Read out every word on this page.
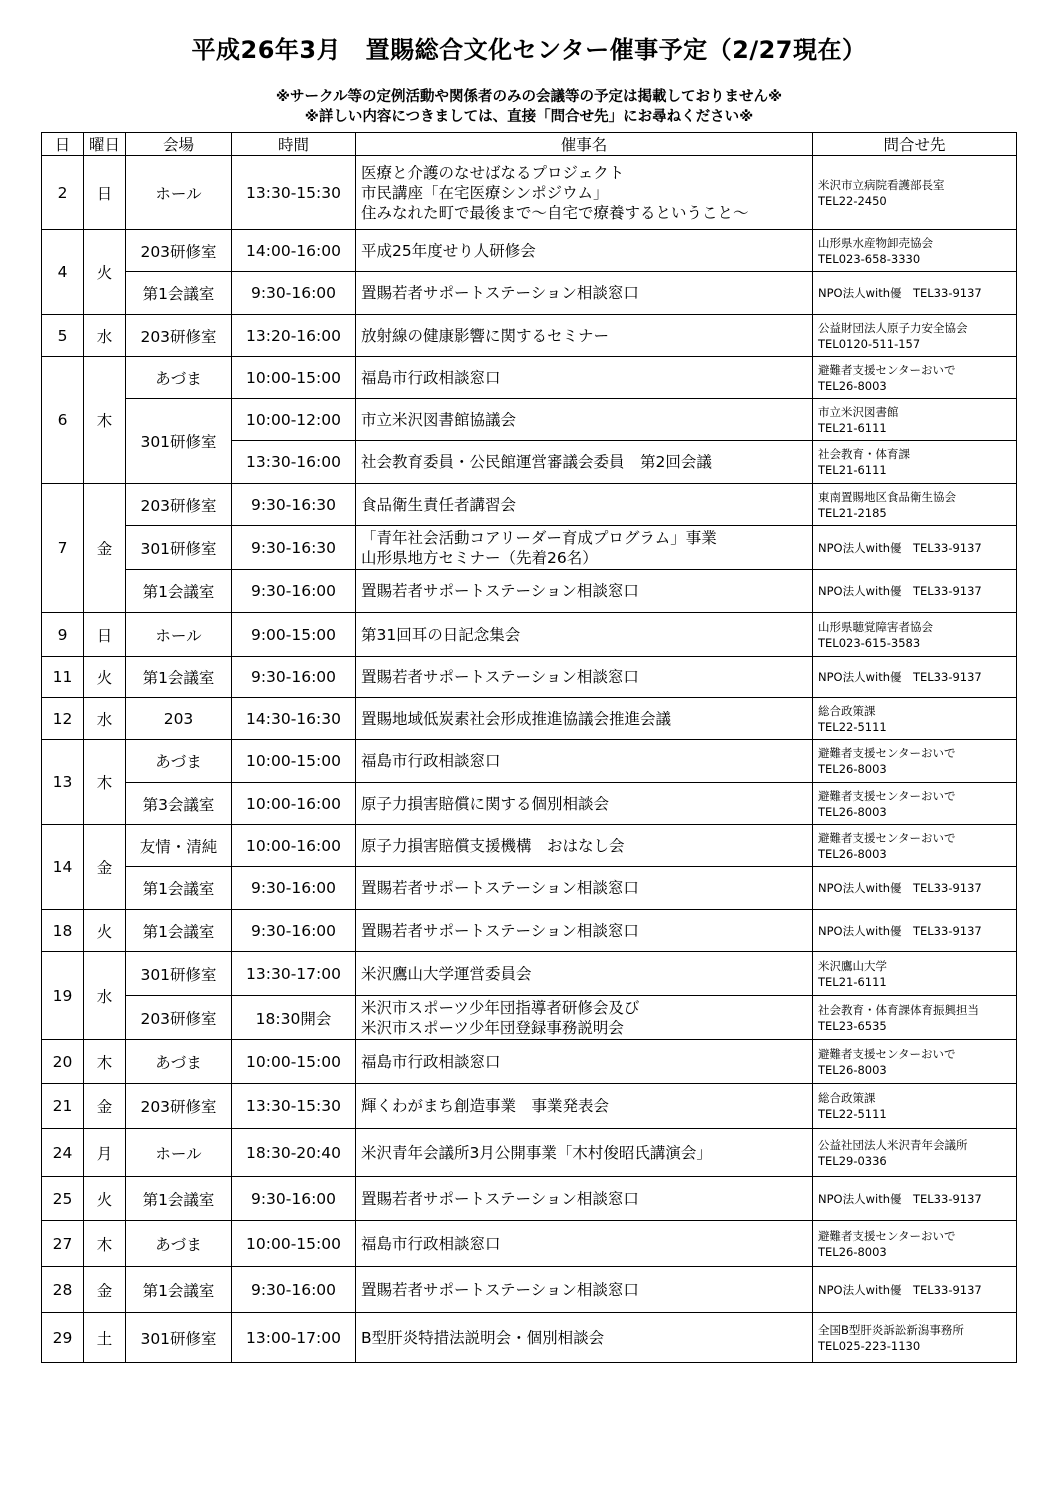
平成26年3月　置賜総合文化センター催事予定（2/27現在）
※サークル等の定例活動や関係者のみの会議等の予定は掲載しておりません※
※詳しい内容につきましては、直接「問合せ先」にお尋ねください※
日	曜日	会場	時間	催事名	問合せ先
2	日	ホール	13:30-15:30	医療と介護のなせばなるプロジェクト
市民講座「在宅医療シンポジウム」
住みなれた町で最後まで～自宅で療養するということ～	米沢市立病院看護部長室
TEL22-2450

4	火	203研修室	14:00-16:00	平成25年度せり人研修会	山形県水産物卸売協会
TEL023-658-3330

		第1会議室	9:30-16:00	置賜若者サポートステーション相談窓口	NPO法人with優　TEL33-9137

5	水	203研修室	13:20-16:00	放射線の健康影響に関するセミナー	公益財団法人原子力安全協会
TEL0120-511-157

6	木	あづま	10:00-15:00	福島市行政相談窓口	避難者支援センターおいで
TEL26-8003

		301研修室	10:00-12:00	市立米沢図書館協議会	市立米沢図書館
TEL21-6111

			13:30-16:00	社会教育委員・公民館運営審議会委員　第2回会議	社会教育・体育課
TEL21-6111

7	金	203研修室	9:30-16:30	食品衛生責任者講習会	東南置賜地区食品衛生協会
TEL21-2185

		301研修室	9:30-16:30	「青年社会活動コアリーダー育成プログラム」事業
山形県地方セミナー（先着26名）	NPO法人with優　TEL33-9137

		第1会議室	9:30-16:00	置賜若者サポートステーション相談窓口	NPO法人with優　TEL33-9137

9	日	ホール	9:00-15:00	第31回耳の日記念集会	山形県聴覚障害者協会
TEL023-615-3583

11	火	第1会議室	9:30-16:00	置賜若者サポートステーション相談窓口	NPO法人with優　TEL33-9137

12	水	203	14:30-16:30	置賜地域低炭素社会形成推進協議会推進会議	総合政策課
TEL22-5111

13	木	あづま	10:00-15:00	福島市行政相談窓口	避難者支援センターおいで
TEL26-8003

		第3会議室	10:00-16:00	原子力損害賠償に関する個別相談会	避難者支援センターおいで
TEL26-8003

14	金	友情・清純	10:00-16:00	原子力損害賠償支援機構　おはなし会	避難者支援センターおいで
TEL26-8003

		第1会議室	9:30-16:00	置賜若者サポートステーション相談窓口	NPO法人with優　TEL33-9137

18	火	第1会議室	9:30-16:00	置賜若者サポートステーション相談窓口	NPO法人with優　TEL33-9137

19	水	301研修室	13:30-17:00	米沢鷹山大学運営委員会	米沢鷹山大学
TEL21-6111

		203研修室	18:30開会	米沢市スポーツ少年団指導者研修会及び
米沢市スポーツ少年団登録事務説明会	社会教育・体育課体育振興担当
TEL23-6535

20	木	あづま	10:00-15:00	福島市行政相談窓口	避難者支援センターおいで
TEL26-8003

21	金	203研修室	13:30-15:30	輝くわがまち創造事業　事業発表会	総合政策課
TEL22-5111

24	月	ホール	18:30-20:40	米沢青年会議所3月公開事業「木村俊昭氏講演会」	公益社団法人米沢青年会議所
TEL29-0336

25	火	第1会議室	9:30-16:00	置賜若者サポートステーション相談窓口	NPO法人with優　TEL33-9137

27	木	あづま	10:00-15:00	福島市行政相談窓口	避難者支援センターおいで
TEL26-8003

28	金	第1会議室	9:30-16:00	置賜若者サポートステーション相談窓口	NPO法人with優　TEL33-9137

29	土	301研修室	13:00-17:00	B型肝炎特措法説明会・個別相談会	全国B型肝炎訴訟新潟事務所
TEL025-223-1130
